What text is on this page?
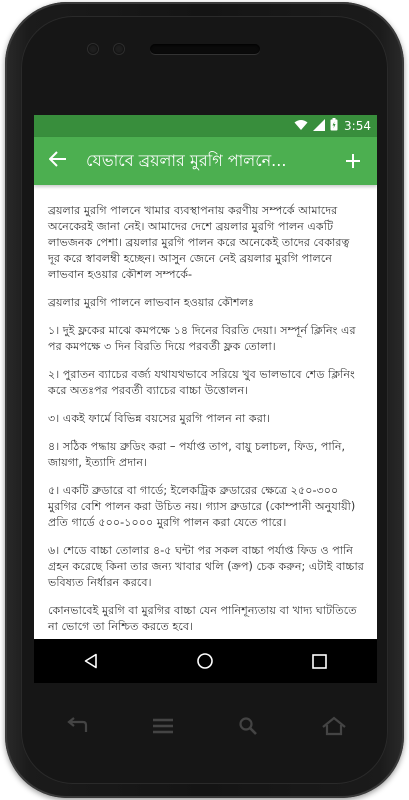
3:54
যেভাবে ব্রয়লার মুরগি পালনে...

ব্রয়লার মুরগি পালনে খামার ব্যবস্থাপনায় করণীয় সম্পর্কে আমাদের অনেকেরই জানা নেই। আমাদের দেশে ব্রয়লার মুরগি পালন একটি লাভজনক পেশা। ব্রয়লার মুরগি পালন করে অনেকেই তাদের বেকারত্ব দূর করে স্বাবলম্বী হচ্ছেন। আসুন জেনে নেই ব্রয়লার মুরগি পালনে লাভবান হওয়ার কৌশল সম্পর্কে-

ব্রয়লার মুরগি পালনে লাভবান হওয়ার কৌশলঃ

১। দুই ফ্লকের মাঝে কমপক্ষে ১৪ দিনের বিরতি দেয়া। সম্পূর্ন ক্লিনিং এর পর কমপক্ষে ৩ দিন বিরতি দিয়ে পরবর্তী ফ্লক তোলা।

২। পুরাতন ব্যাচের বর্জ্য যথাযথভাবে সরিয়ে খুব ভালভাবে শেড ক্লিনিং করে অতঃপর পরবর্তী ব্যাচের বাচ্চা উত্তোলন।

৩। একই ফার্মে বিভিন্ন বয়সের মুরগি পালন না করা।

৪। সঠিক পদ্ধায় ব্রুডিং করা – পর্যাপ্ত তাপ, বায়ু চলাচল, ফিড, পানি, জায়গা, ইত্যাদি প্রদান।

৫। একটি ব্রুডারে বা গার্ডে; ইলেকট্রিক ব্রুডারের ক্ষেত্রে ২৫০-৩০০ মুরগির বেশি পালন করা উচিত নয়। গ্যাস ব্রুডারে (কোম্পানী অনুযায়ী) প্রতি গার্ডে ৫০০-১০০০ মুরগি পালন করা যেতে পারে।

৬। শেডে বাচ্চা তোলার ৪-৫ ঘন্টা পর সকল বাচ্চা পর্যাপ্ত ফিড ও পানি গ্রহন করেছে কিনা তার জন্য খাবার থলি (ক্রপ) চেক করুন; এটাই বাচ্চার ভবিষ্যত নির্ধারন করবে।

কোনভাবেই মুরগি বা মুরগির বাচ্চা যেন পানিশূন্যতায় বা খাদ্য ঘাটতিতে না ভোগে তা নিশ্চিত করতে হবে।
